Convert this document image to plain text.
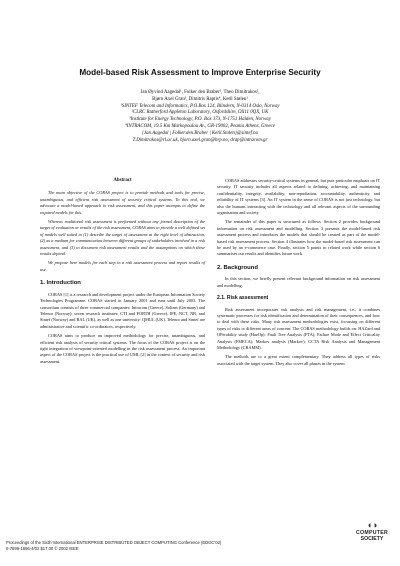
Model-based Risk Assessment to Improve Enterprise Security
Jan Øyvind Aagedal¹, Folker den Braber¹, Theo Dimitrakos²,
Bjørn Axel Gran³, Dimitris Raptis⁴, Ketil Stølen¹
¹SINTEF Telecom and Informatics, P.O.Box 124, Blindern, N-0314 Oslo, Norway
²CLRC Rutherford Appleton Laboratory, Oxfordshire, OX11 0QX, UK
³Institute for Energy Technology, P.O. Box 173, N-1751 Halden, Norway
⁴INTRACOM, 19.5 Km Markopoulou Av., GR-19002, Peania Athens, Greece
{Jan.Aagedal | Folker.den.Braber | Ketil.Stolen}@sintef.no
T.Dimitrakos@rl.ac.uk, bjorn.axel.gran@hrp.no, drap@intracom.gr
Abstract

The main objective of the CORAS project is to provide methods and tools for precise, unambiguous, and efficient risk assessment of security critical systems. To this end, we advocate a model-based approach to risk assessment, and this paper attempts to define the required models for this.

Whereas traditional risk assessment is performed without any formal description of the target of evaluation or results of the risk assessment, CORAS aims to provide a well defined set of models well suited to (1) describe the target of assessment at the right level of abstraction, (2) as a medium for communication between different groups of stakeholders involved in a risk assessment, and (3) to document risk assessment results and the assumptions on which these results depend.

We propose here models for each step in a risk assessment process and report results of use.

1. Introduction

CORAS [1] is a research and development project under the European Information Society Technologies Programme. CORAS started in January 2001 and runs until July 2003. The consortium consists of three commercial companies: Intracom (Greece), Solinet (Germany) and Telenor (Norway); seven research institutes: CTI and FORTH (Greece), IFE, NCT, NR, and Sintef (Norway) and RAL (UK), as well as one university: QMUL (UK). Telenor and Sintef are administrative and scientific co-ordinators, respectively.

CORAS aims to produce an improved methodology for precise, unambiguous, and efficient risk analysis of security critical systems. The focus of the CORAS project is on the tight integration of viewpoint-oriented modelling in the risk assessment process. An important aspect of the CORAS project is the practical use of UML [2] in the context of security and risk assessment.

CORAS addresses security-critical systems in general, but puts particular emphasis on IT security. IT security includes all aspects related to defining, achieving, and maintaining confidentiality, integrity, availability, non-repudiation, accountability, authenticity, and reliability of IT systems [3]. An IT system in the sense of CORAS is not just technology, but also the humans interacting with the technology and all relevant aspects of the surrounding organisation and society.

The remainder of this paper is structured as follows. Section 2 provides background information on risk assessment and modelling. Section 3 presents the model-based risk assessment process and introduces the models that should be created as part of the model-based risk assessment process. Section 4 illustrates how the model-based risk assessment can be used by an e-commerce case. Finally, section 5 points to related work while section 6 summarises our results and identifies future work.

2. Background

In this section, we briefly present relevant background information on risk assessment and modelling.

2.1. Risk assessment

Risk assessment incorporates risk analysis and risk management, i.e., it combines systematic processes for risk identification and determination of their consequences, and how to deal with these risks. Many risk assessment methodologies exist, focussing on different types of risks or different areas of concern. The CORAS methodology builds on: HAZard and OPerability study (HazOp); Fault Tree Analysis (FTA); Failure Mode and Effect Criticality Analysis (FMECA); Markov analysis (Markov); CCTA Risk Analysis and Management Methodology (CRAMM).

The methods are to a great extent complementary. They address all types of risks associated with the target system. They also cover all phases in the system

Proceedings of the Sixth International ENTERPRISE DISTRIBUTED OBJECT COMPUTING Conference (EDOC'02)
0-7695-1656-4/02 $17.00 © 2002 IEEE
◐◑
COMPUTER
SOCIETY
